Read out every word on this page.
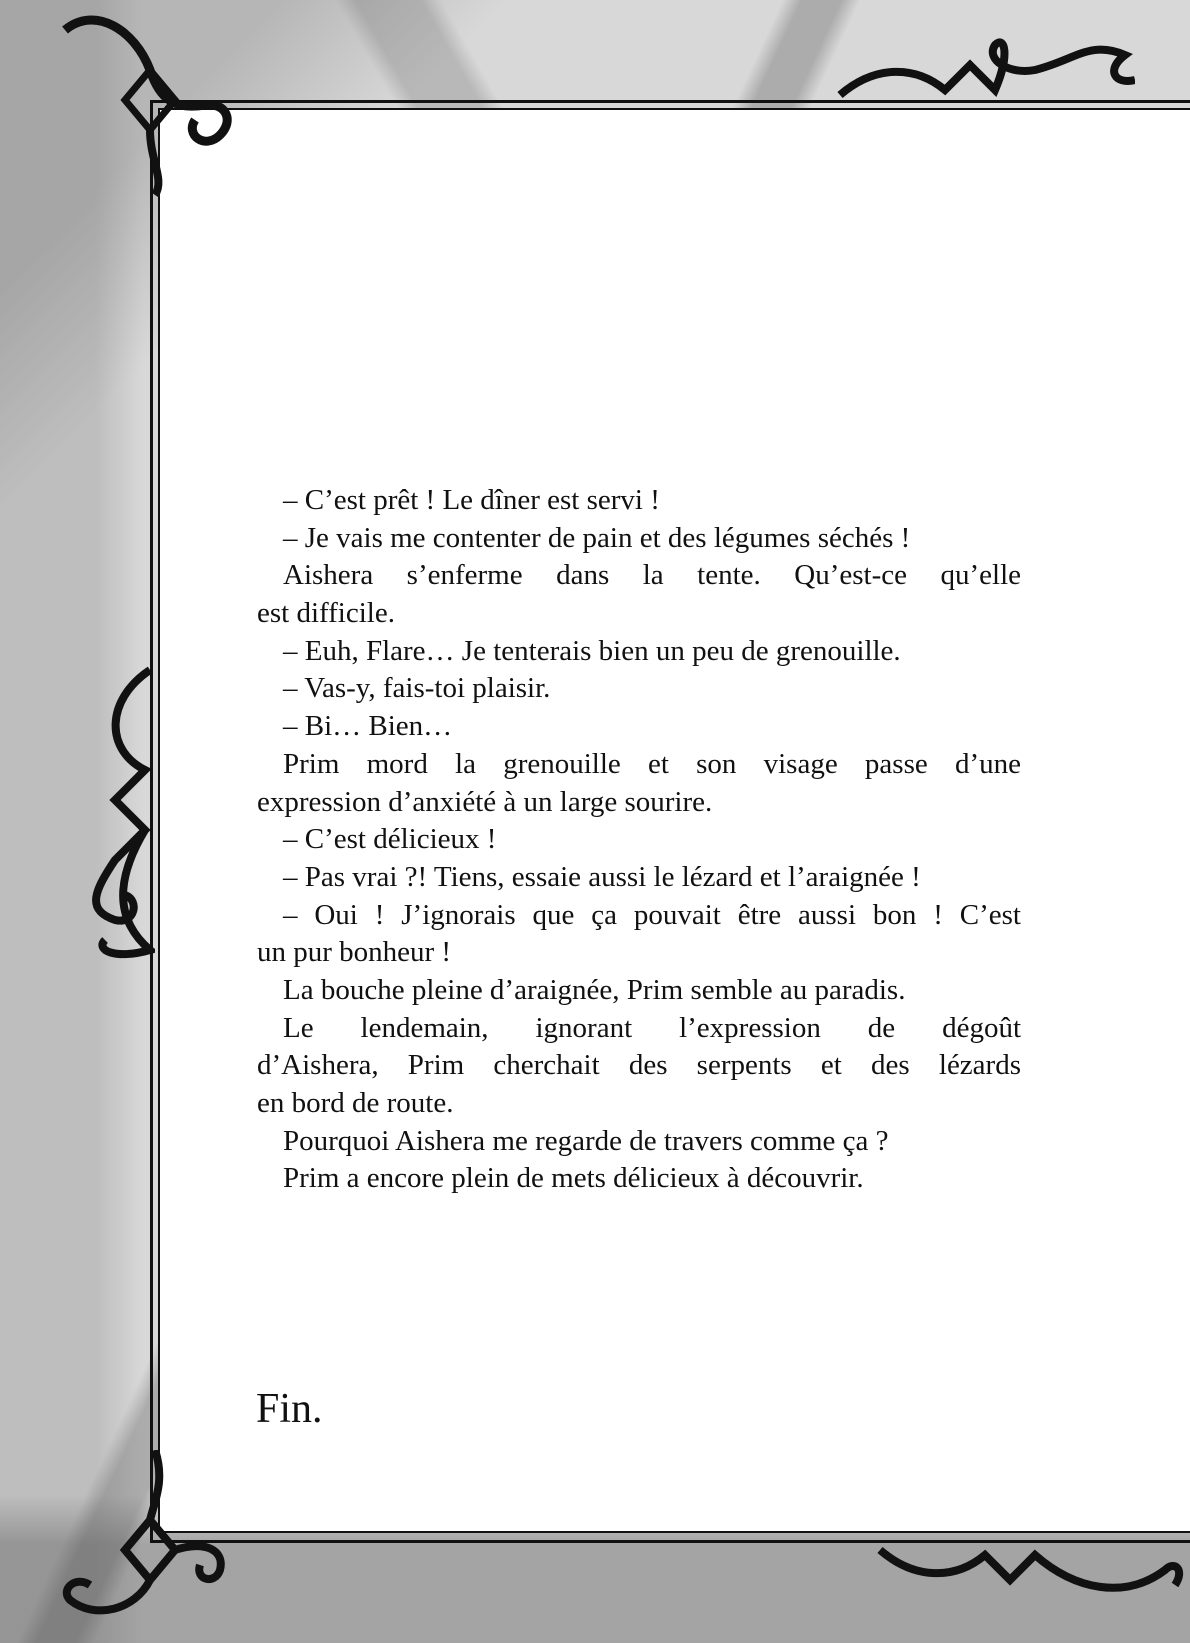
– C’est prêt ! Le dîner est servi !
– Je vais me contenter de pain et des légumes séchés !
Aishera s’enferme dans la tente. Qu’est-ce qu’elle
est difficile.
– Euh, Flare… Je tenterais bien un peu de grenouille.
– Vas-y, fais-toi plaisir.
– Bi… Bien…
Prim mord la grenouille et son visage passe d’une
expression d’anxiété à un large sourire.
– C’est délicieux !
– Pas vrai ?! Tiens, essaie aussi le lézard et l’araignée !
– Oui ! J’ignorais que ça pouvait être aussi bon ! C’est
un pur bonheur !
La bouche pleine d’araignée, Prim semble au paradis.
Le lendemain, ignorant l’expression de dégoût
d’Aishera, Prim cherchait des serpents et des lézards
en bord de route.
Pourquoi Aishera me regarde de travers comme ça ?
Prim a encore plein de mets délicieux à découvrir.
Fin.
